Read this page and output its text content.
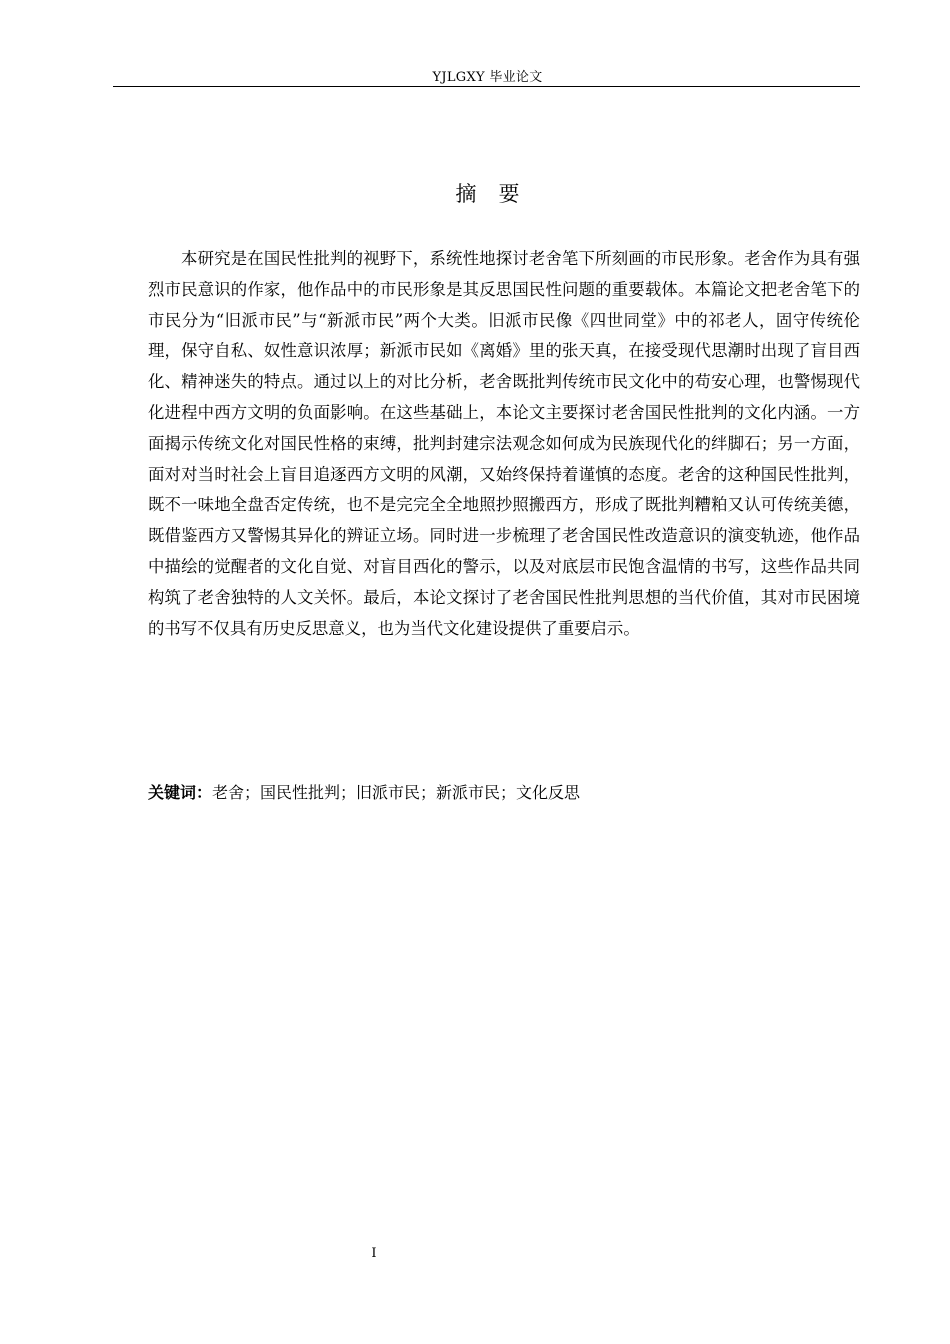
YJLGXY 毕业论文
摘要

本研究是在国民性批判的视野下，系统性地探讨老舍笔下所刻画的市民形象。老舍作为具有强烈市民意识的作家，他作品中的市民形象是其反思国民性问题的重要载体。本篇论文把老舍笔下的市民分为“旧派市民”与“新派市民”两个大类。旧派市民像《四世同堂》中的祁老人，固守传统伦理，保守自私、奴性意识浓厚；新派市民如《离婚》里的张天真，在接受现代思潮时出现了盲目西化、精神迷失的特点。通过以上的对比分析，老舍既批判传统市民文化中的苟安心理，也警惕现代化进程中西方文明的负面影响。在这些基础上，本论文主要探讨老舍国民性批判的文化内涵。一方面揭示传统文化对国民性格的束缚，批判封建宗法观念如何成为民族现代化的绊脚石；另一方面，面对对当时社会上盲目追逐西方文明的风潮，又始终保持着谨慎的态度。老舍的这种国民性批判，既不一味地全盘否定传统，也不是完完全全地照抄照搬西方，形成了既批判糟粕又认可传统美德，既借鉴西方又警惕其异化的辨证立场。同时进一步梳理了老舍国民性改造意识的演变轨迹，他作品中描绘的觉醒者的文化自觉、对盲目西化的警示，以及对底层市民饱含温情的书写，这些作品共同构筑了老舍独特的人文关怀。最后，本论文探讨了老舍国民性批判思想的当代价值，其对市民困境的书写不仅具有历史反思意义，也为当代文化建设提供了重要启示。

关键词：老舍；国民性批判；旧派市民；新派市民；文化反思
I
